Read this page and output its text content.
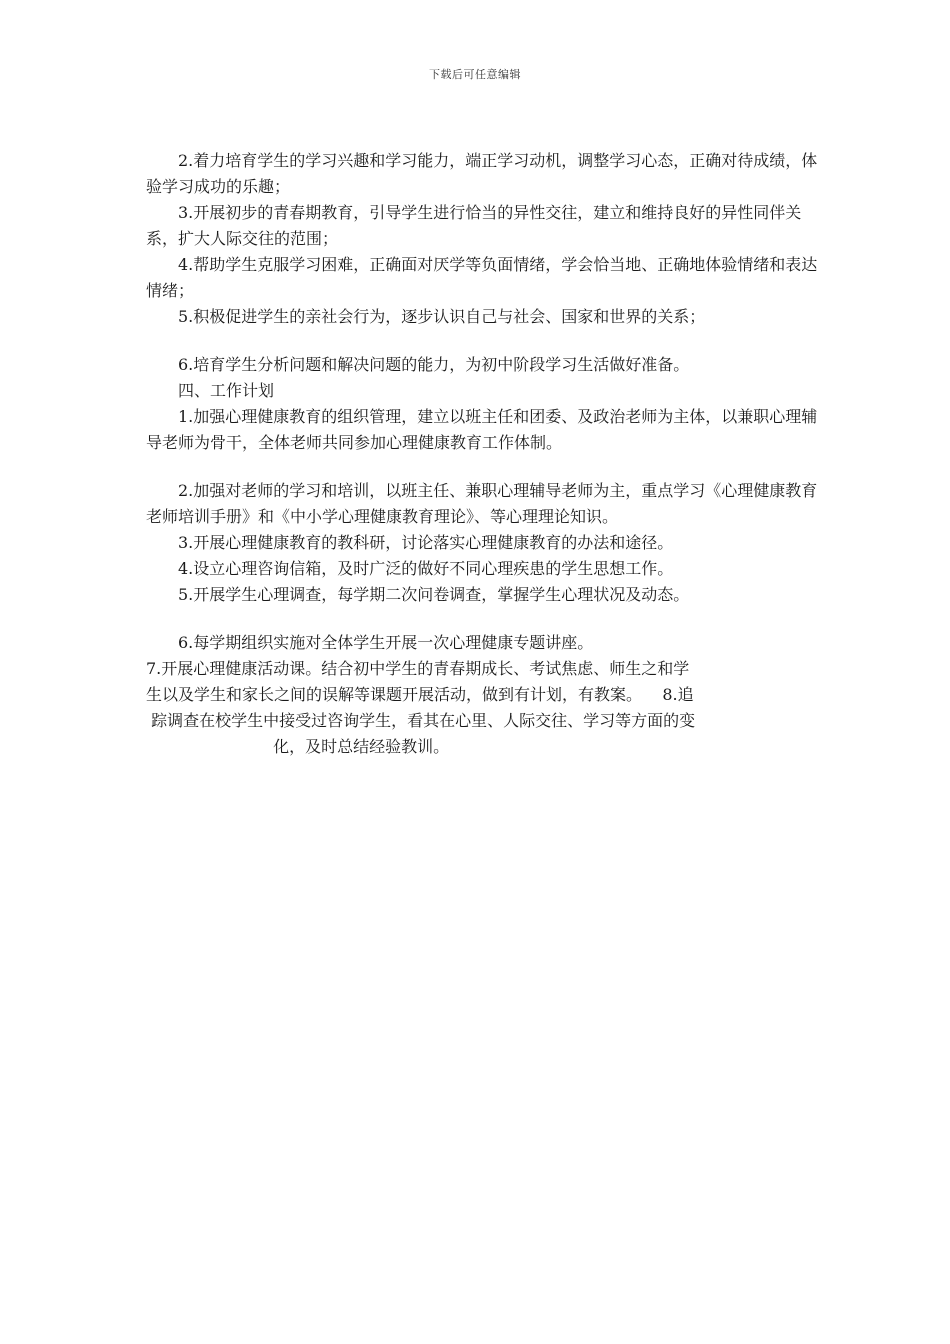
下载后可任意编辑

2.着力培育学生的学习兴趣和学习能力，端正学习动机，调整学习心态，正确对待成绩，体验学习成功的乐趣；

3.开展初步的青春期教育，引导学生进行恰当的异性交往，建立和维持良好的异性同伴关系，扩大人际交往的范围；

4.帮助学生克服学习困难，正确面对厌学等负面情绪，学会恰当地、正确地体验情绪和表达情绪；

5.积极促进学生的亲社会行为，逐步认识自己与社会、国家和世界的关系；

6.培育学生分析问题和解决问题的能力，为初中阶段学习生活做好准备。

四、工作计划

1.加强心理健康教育的组织管理，建立以班主任和团委、及政治老师为主体，以兼职心理辅导老师为骨干，全体老师共同参加心理健康教育工作体制。

2.加强对老师的学习和培训，以班主任、兼职心理辅导老师为主，重点学习《心理健康教育老师培训手册》和《中小学心理健康教育理论》、等心理理论知识。

3.开展心理健康教育的教科研，讨论落实心理健康教育的办法和途径。

4.设立心理咨询信箱，及时广泛的做好不同心理疾患的学生思想工作。

5.开展学生心理调查，每学期二次问卷调查，掌握学生心理状况及动态。

6.每学期组织实施对全体学生开展一次心理健康专题讲座。

7.开展心理健康活动课。结合初中学生的青春期成长、考试焦虑、师生之和学

生以及学生和家长之间的误解等课题开展活动，做到有计划，有教案。    8.追

踪调查在校学生中接受过咨询学生，看其在心里、人际交往、学习等方面的变

化，及时总结经验教训。
